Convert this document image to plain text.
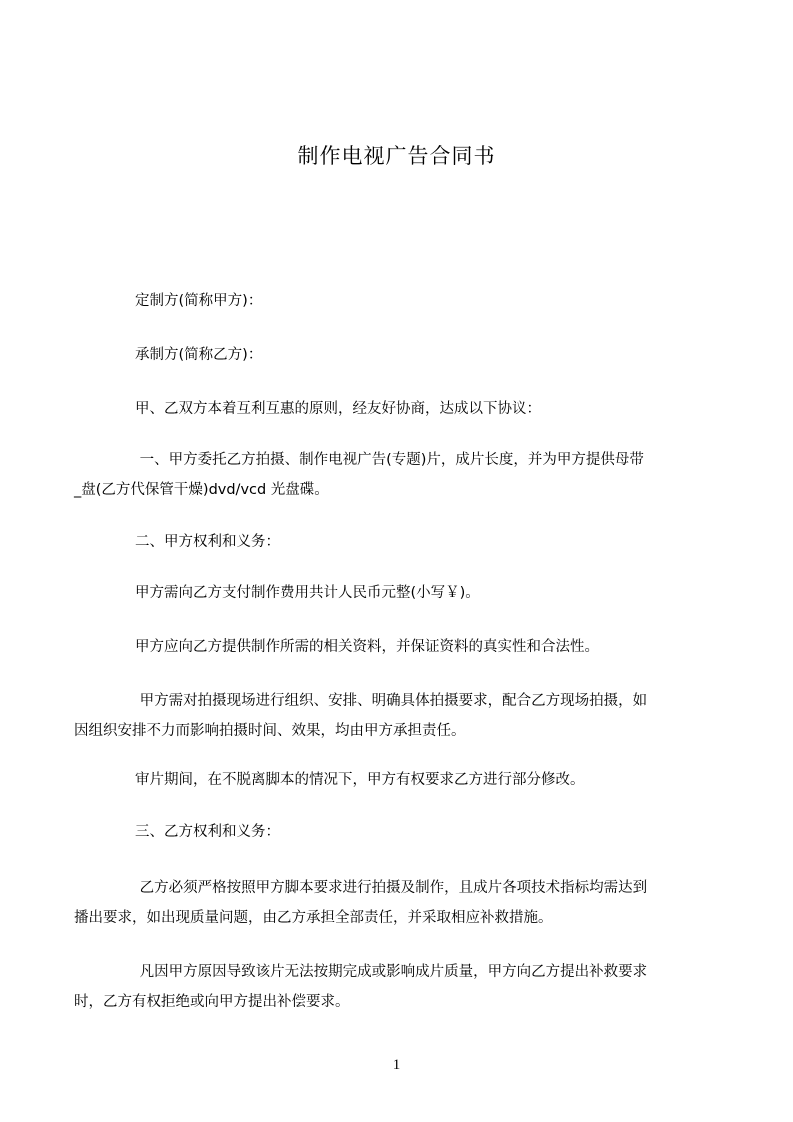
制作电视广告合同书
　　定制方(简称甲方)：
　　承制方(简称乙方)：
　　甲、乙双方本着互利互惠的原则，经友好协商，达成以下协议：
　　 一、甲方委托乙方拍摄、制作电视广告(专题)片，成片长度，并为甲方提供母带
_盘(乙方代保管干燥)dvd/vcd 光盘碟。
　　二、甲方权利和义务：
　　甲方需向乙方支付制作费用共计人民币元整(小写￥)。
　　甲方应向乙方提供制作所需的相关资料，并保证资料的真实性和合法性。
　　 甲方需对拍摄现场进行组织、安排、明确具体拍摄要求，配合乙方现场拍摄，如
因组织安排不力而影响拍摄时间、效果，均由甲方承担责任。
　　审片期间，在不脱离脚本的情况下，甲方有权要求乙方进行部分修改。
　　三、乙方权利和义务：
　　 乙方必须严格按照甲方脚本要求进行拍摄及制作，且成片各项技术指标均需达到
播出要求，如出现质量问题，由乙方承担全部责任，并采取相应补救措施。
　　 凡因甲方原因导致该片无法按期完成或影响成片质量，甲方向乙方提出补救要求
时，乙方有权拒绝或向甲方提出补偿要求。
1
